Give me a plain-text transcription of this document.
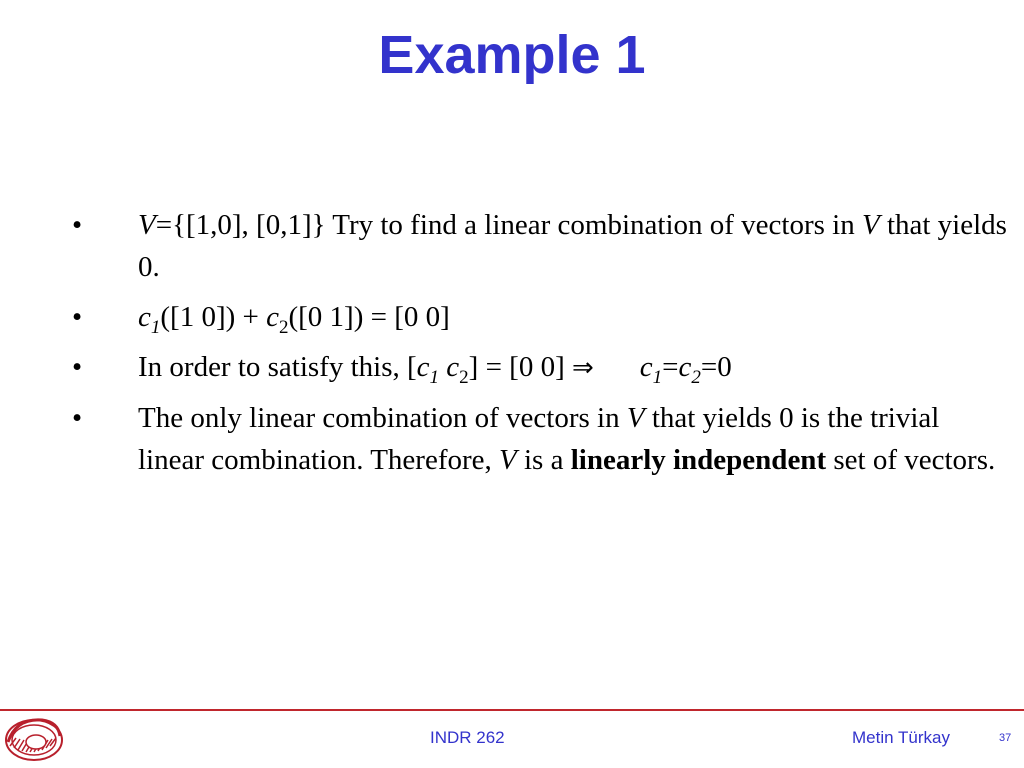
Example 1
• V={[1,0], [0,1]} Try to find a linear combination of vectors in V that yields 0.
• $c_1([1$ $0]) + c_2([0$ 1]) = [0 0]
• In order to satisfy this, [$c_1$ $c_2] = [0$ 0] ⇒ $c_1=c_2=0$
• The only linear combination of vectors in V that yields 0 is the trivial linear combination. Therefore, V is a linearly independent set of vectors.
INDR 262	Metin Türkay	37
